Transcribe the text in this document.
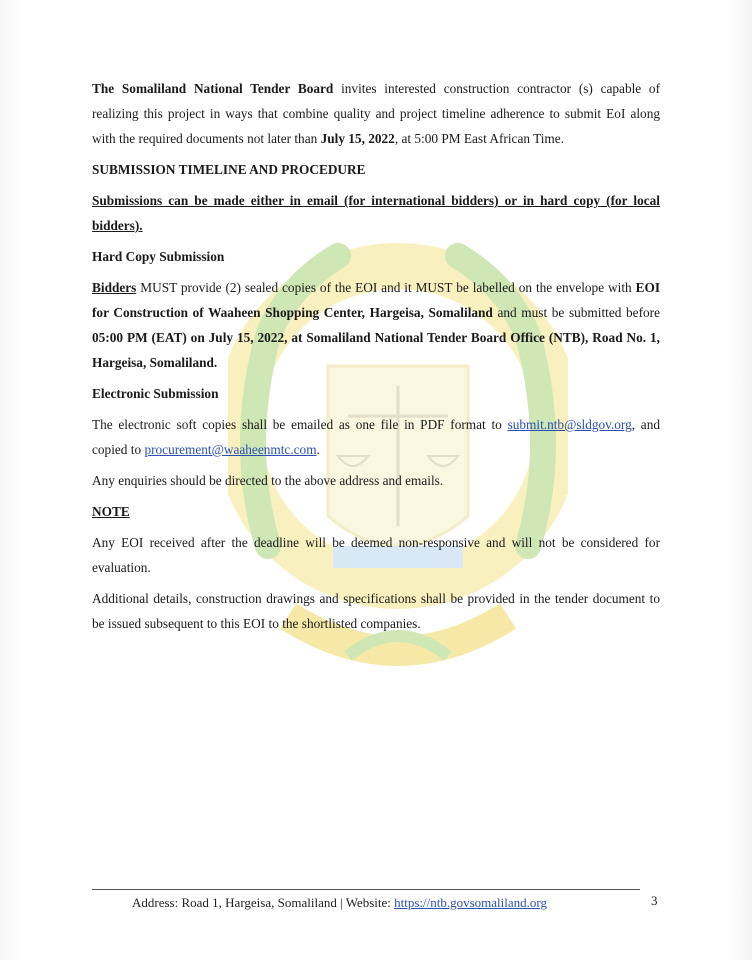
The Somaliland National Tender Board invites interested construction contractor (s) capable of realizing this project in ways that combine quality and project timeline adherence to submit EoI along with the required documents not later than July 15, 2022, at 5:00 PM East African Time.

SUBMISSION TIMELINE AND PROCEDURE

Submissions can be made either in email (for international bidders) or in hard copy (for local bidders).

Hard Copy Submission

Bidders MUST provide (2) sealed copies of the EOI and it MUST be labelled on the envelope with EOI for Construction of Waaheen Shopping Center, Hargeisa, Somaliland and must be submitted before 05:00 PM (EAT) on July 15, 2022, at Somaliland National Tender Board Office (NTB), Road No. 1, Hargeisa, Somaliland.

Electronic Submission

The electronic soft copies shall be emailed as one file in PDF format to submit.ntb@sldgov.org, and copied to procurement@waaheenmtc.com.

Any enquiries should be directed to the above address and emails.

NOTE

Any EOI received after the deadline will be deemed non-responsive and will not be considered for evaluation.

Additional details, construction drawings and specifications shall be provided in the tender document to be issued subsequent to this EOI to the shortlisted companies.

Address: Road 1, Hargeisa, Somaliland | Website: https://ntb.govsomaliland.org	3
